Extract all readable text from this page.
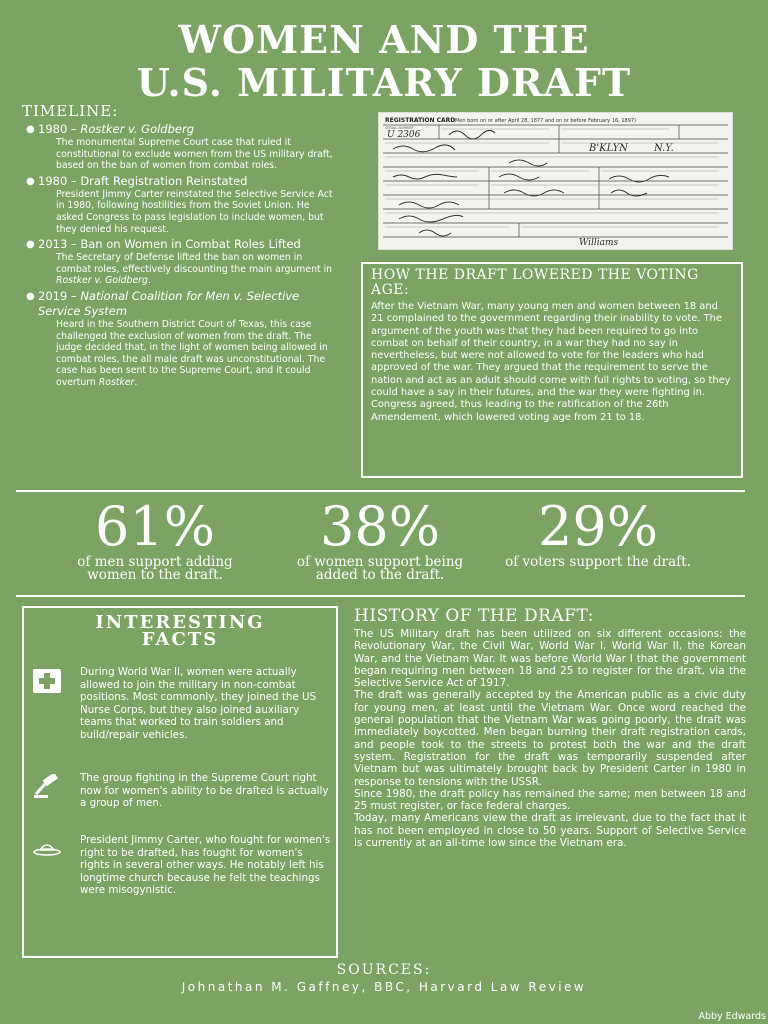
WOMEN AND THE
U.S. MILITARY DRAFT
TIMELINE:
● 1980 – Rostker v. Goldberg
The monumental Supreme Court case that ruled it constitutional to exclude women from the US military draft, based on the ban of women from combat roles.
● 1980 – Draft Registration Reinstated
President Jimmy Carter reinstated the Selective Service Act in 1980, following hostilities from the Soviet Union. He asked Congress to pass legislation to include women, but they denied his request.
● 2013 – Ban on Women in Combat Roles Lifted
The Secretary of Defense lifted the ban on women in combat roles, effectively discounting the main argument in Rostker v. Goldberg.
● 2019 – National Coalition for Men v. Selective Service System
Heard in the Southern District Court of Texas, this case challenged the exclusion of women from the draft. The judge decided that, in the light of women being allowed in combat roles, the all male draft was unconstitutional. The case has been sent to the Supreme Court, and it could overturn Rostker.
REGISTRATION CARD
(Men born on or after April 28, 1877 and on or before February 16, 1897)
SERIAL NUMBER
U 2306
B'KLYN	N.Y.
Williams
HOW THE DRAFT LOWERED THE VOTING AGE:

After the Vietnam War, many young men and women between 18 and 21 complained to the government regarding their inability to vote. The argument of the youth was that they had been required to go into combat on behalf of their country, in a war they had no say in nevertheless, but were not allowed to vote for the leaders who had approved of the war. They argued that the requirement to serve the nation and act as an adult should come with full rights to voting, so they could have a say in their futures, and the war they were fighting in. Congress agreed, thus leading to the ratification of the 26th Amendement, which lowered voting age from 21 to 18.

61%
of men support adding women to the draft.
38%
of women support being added to the draft.
29%
of voters support the draft.
INTERESTING FACTS

During World War II, women were actually allowed to join the military in non-combat positions. Most commonly, they joined the US Nurse Corps, but they also joined auxiliary teams that worked to train soldiers and build/repair vehicles.

The group fighting in the Supreme Court right now for women's ability to be drafted is actually a group of men.

President Jimmy Carter, who fought for women's right to be drafted, has fought for women's rights in several other ways. He notably left his longtime church because he felt the teachings were misogynistic.

HISTORY OF THE DRAFT:

The US Military draft has been utilized on six different occasions: the Revolutionary War, the Civil War, World War I, World War II, the Korean War, and the Vietnam War. It was before World War I that the government began requiring men between 18 and 25 to register for the draft, via the Selective Service Act of 1917.

The draft was generally accepted by the American public as a civic duty for young men, at least until the Vietnam War. Once word reached the general population that the Vietnam War was going poorly, the draft was immediately boycotted. Men began burning their draft registration cards, and people took to the streets to protest both the war and the draft system. Registration for the draft was temporarily suspended after Vietnam but was ultimately brought back by President Carter in 1980 in response to tensions with the USSR.

Since 1980, the draft policy has remained the same; men between 18 and 25 must register, or face federal charges.

Today, many Americans view the draft as irrelevant, due to the fact that it has not been employed in close to 50 years. Support of Selective Service is currently at an all-time low since the Vietnam era.

SOURCES:
Johnathan M. Gaffney, BBC, Harvard Law Review
Abby Edwards
